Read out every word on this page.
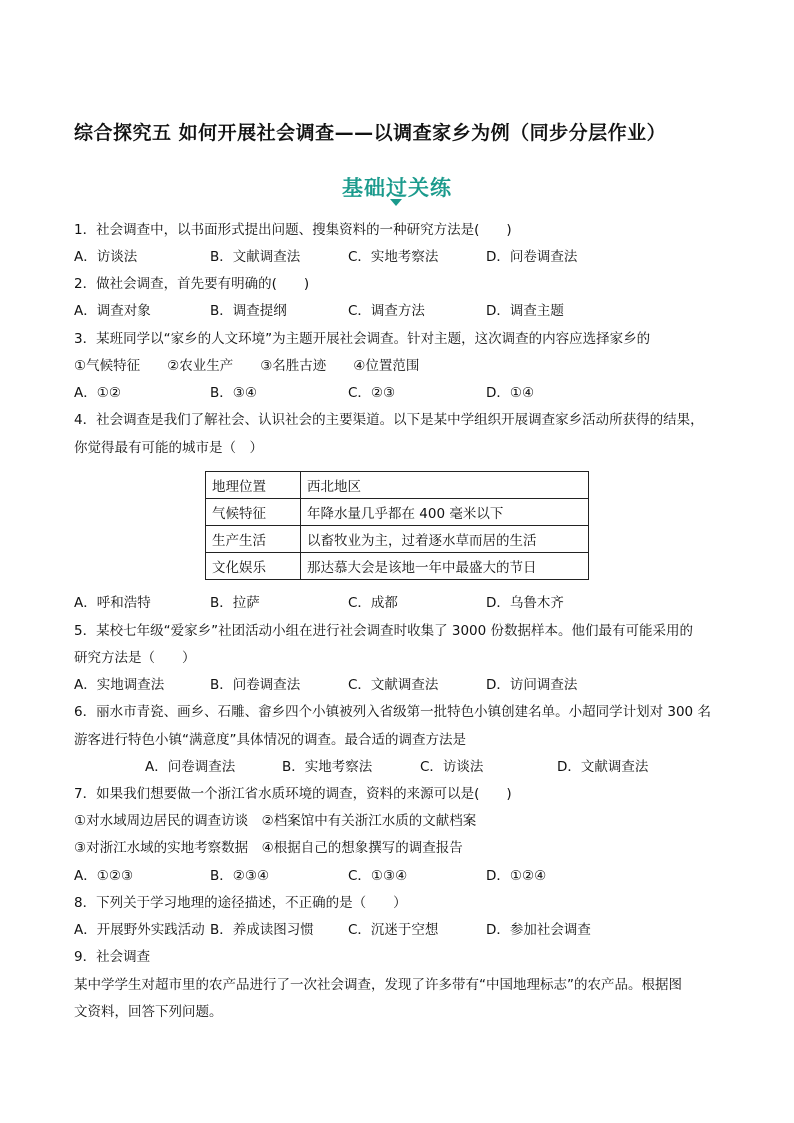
综合探究五 如何开展社会调查——以调查家乡为例（同步分层作业）
基础过关练
1．社会调查中，以书面形式提出问题、搜集资料的一种研究方法是(　　)
A．访谈法	B．文献调查法	C．实地考察法	D．问卷调查法
2．做社会调查，首先要有明确的(　　)
A．调查对象	B．调查提纲	C．调查方法	D．调查主题
3．某班同学以“家乡的人文环境”为主题开展社会调查。针对主题，这次调查的内容应选择家乡的
①气候特征　　②农业生产　　③名胜古迹　　④位置范围
A．①②	B．③④	C．②③	D．①④
4．社会调查是我们了解社会、认识社会的主要渠道。以下是某中学组织开展调查家乡活动所获得的结果，
你觉得最有可能的城市是（　）
地理位置	西北地区
气候特征	年降水量几乎都在 400 毫米以下
生产生活	以畜牧业为主，过着逐水草而居的生活
文化娱乐	那达慕大会是该地一年中最盛大的节日
A．呼和浩特	B．拉萨	C．成都	D．乌鲁木齐
5．某校七年级“爱家乡”社团活动小组在进行社会调查时收集了 3000 份数据样本。他们最有可能采用的
研究方法是（　　）
A．实地调查法	B．问卷调查法	C．文献调查法	D．访问调查法
6．丽水市青瓷、画乡、石雕、畲乡四个小镇被列入省级第一批特色小镇创建名单。小超同学计划对 300 名
游客进行特色小镇“满意度”具体情况的调查。最合适的调查方法是
A．问卷调查法	B．实地考察法	C．访谈法	D．文献调查法
7．如果我们想要做一个浙江省水质环境的调查，资料的来源可以是(　　)
①对水域周边居民的调查访谈　②档案馆中有关浙江水质的文献档案
③对浙江水域的实地考察数据　④根据自己的想象撰写的调查报告
A．①②③	B．②③④	C．①③④	D．①②④
8．下列关于学习地理的途径描述，不正确的是（　　）
A．开展野外实践活动 B．养成读图习惯	C．沉迷于空想	D．参加社会调查
9．社会调查
某中学学生对超市里的农产品进行了一次社会调查，发现了许多带有“中国地理标志”的农产品。根据图
文资料，回答下列问题。
